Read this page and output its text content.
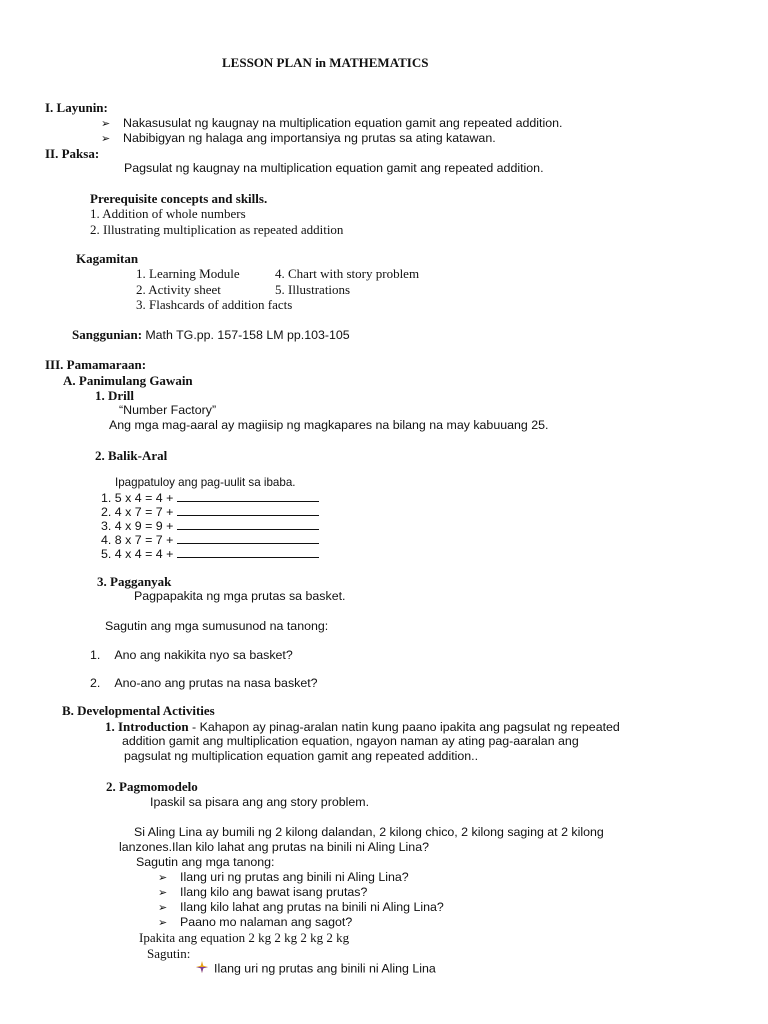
LESSON PLAN in MATHEMATICS
I. Layunin:
➢ Nakasusulat ng kaugnay na multiplication equation gamit ang repeated addition.
➢ Nabibigyan ng halaga ang importansiya ng prutas sa ating katawan.
II. Paksa:
Pagsulat ng kaugnay na multiplication equation gamit ang repeated addition.
Prerequisite concepts and skills.
1. Addition of whole numbers
2. Illustrating multiplication as repeated addition
Kagamitan
1. Learning Module	4. Chart with story problem
2. Activity sheet	5. Illustrations
3. Flashcards of addition facts
Sanggunian: Math TG.pp. 157-158 LM pp.103-105
III. Pamamaraan:
A. Panimulang Gawain
1. Drill
“Number Factory”
Ang mga mag-aaral ay magiisip ng magkapares na bilang na may kabuuang 25.
2. Balik-Aral
Ipagpatuloy ang pag-uulit sa ibaba.
1. 5 x 4 = 4 +
2. 4 x 7 = 7 +
3. 4 x 9 = 9 +
4. 8 x 7 = 7 +
5. 4 x 4 = 4 +
3. Pagganyak
Pagpapakita ng mga prutas sa basket.
Sagutin ang mga sumusunod na tanong:
1. Ano ang nakikita nyo sa basket?
2. Ano-ano ang prutas na nasa basket?
B. Developmental Activities
1. Introduction - Kahapon ay pinag-aralan natin kung paano ipakita ang pagsulat ng repeated
addition gamit ang multiplication equation, ngayon naman ay ating pag-aaralan ang
pagsulat ng multiplication equation gamit ang repeated addition..
2. Pagmomodelo
Ipaskil sa pisara ang ang story problem.
Si Aling Lina ay bumili ng 2 kilong dalandan, 2 kilong chico, 2 kilong saging at 2 kilong
lanzones.Ilan kilo lahat ang prutas na binili ni Aling Lina?
Sagutin ang mga tanong:
➢ Ilang uri ng prutas ang binili ni Aling Lina?
➢ Ilang kilo ang bawat isang prutas?
➢ Ilang kilo lahat ang prutas na binili ni Aling Lina?
➢ Paano mo nalaman ang sagot?
Ipakita ang equation 2 kg 2 kg 2 kg 2 kg
Sagutin:
Ilang uri ng prutas ang binili ni Aling Lina
